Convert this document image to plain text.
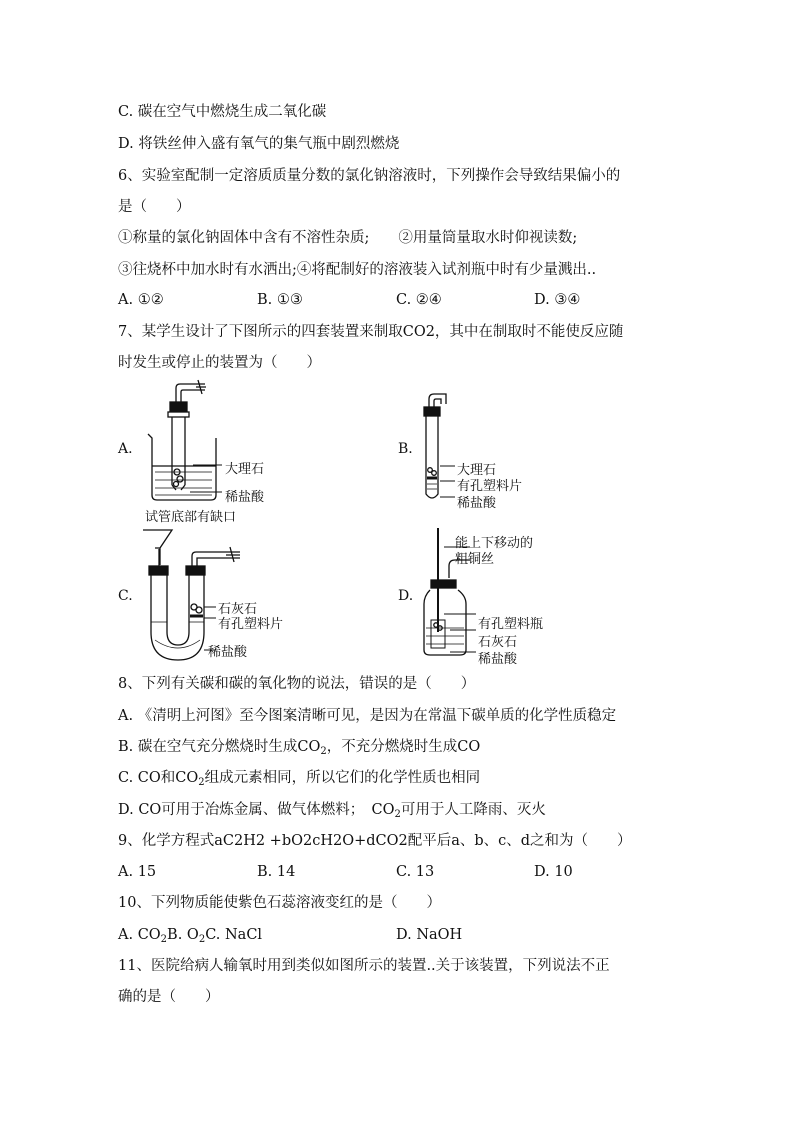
C. 碳在空气中燃烧生成二氧化碳
D. 将铁丝伸入盛有氧气的集气瓶中剧烈燃烧
6、实验室配制一定溶质质量分数的氯化钠溶液时，下列操作会导致结果偏小的
是（　　）
①称量的氯化钠固体中含有不溶性杂质;　　②用量筒量取水时仰视读数;
③往烧杯中加水时有水洒出;④将配制好的溶液装入试剂瓶中时有少量溅出..
A. ①②	B. ①③	C. ②④	D. ③④
7、某学生设计了下图所示的四套装置来制取CO2，其中在制取时不能使反应随
时发生或停止的装置为（　　）
A.	B.
C.	D.
大理石
稀盐酸
试管底部有缺口
大理石
有孔塑料片
稀盐酸
石灰石
有孔塑料片
稀盐酸
能上下移动的
粗铜丝
有孔塑料瓶
石灰石
稀盐酸
8、下列有关碳和碳的氧化物的说法，错误的是（　　）
A. 《清明上河图》至今图案清晰可见，是因为在常温下碳单质的化学性质稳定
B. 碳在空气充分燃烧时生成$CO_2$，不充分燃烧时生成CO
C. CO和$CO_2$组成元素相同，所以它们的化学性质也相同
D. CO可用于冶炼金属、做气体燃料；　$CO_2$可用于人工降雨、灭火
9、化学方程式aC2H2 +bO2cH2O+dCO2配平后a、b、c、d之和为（　　）
A. 15	B. 14	C. 13	D. 10
10、下列物质能使紫色石蕊溶液变红的是（　　）
A. $CO_2B$. $O_2C$. NaCl	D. NaOH
11、医院给病人输氧时用到类似如图所示的装置..关于该装置，下列说法不正
确的是（　　）
